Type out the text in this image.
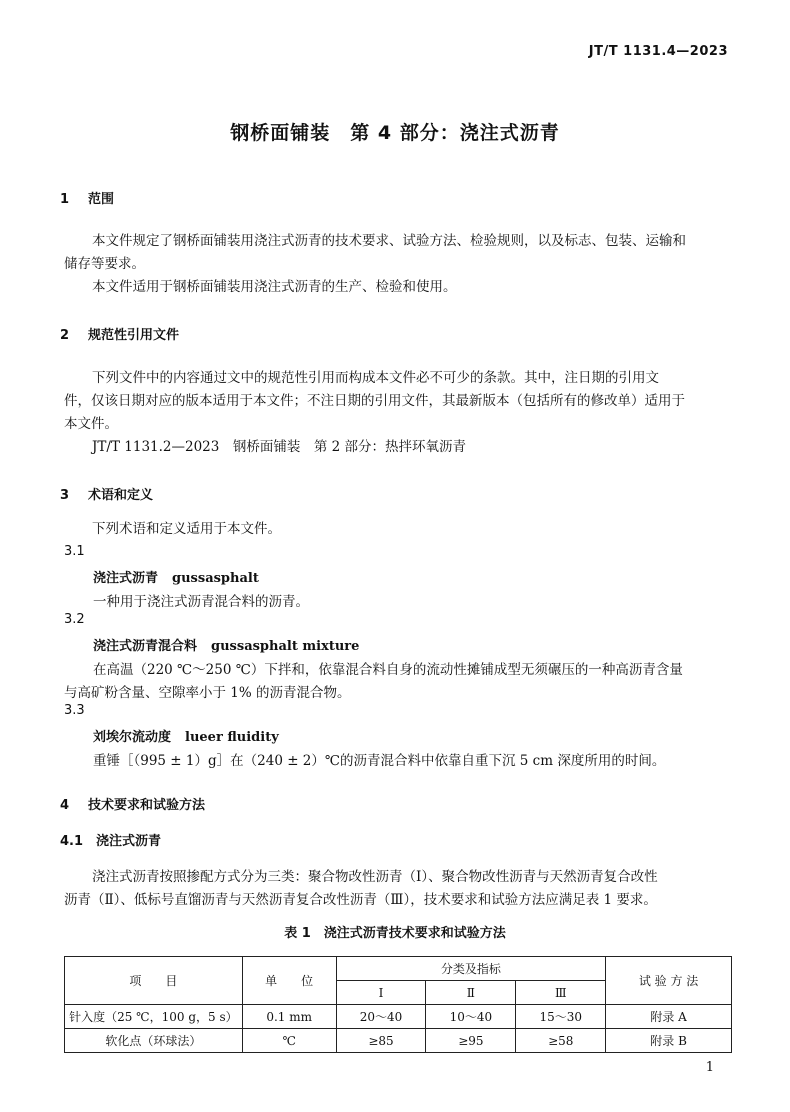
JT/T 1131.4—2023
钢桥面铺装　第 4 部分：浇注式沥青
1 范围
本文件规定了钢桥面铺装用浇注式沥青的技术要求、试验方法、检验规则，以及标志、包装、运输和
储存等要求。
本文件适用于钢桥面铺装用浇注式沥青的生产、检验和使用。
2 规范性引用文件
下列文件中的内容通过文中的规范性引用而构成本文件必不可少的条款。其中，注日期的引用文
件，仅该日期对应的版本适用于本文件；不注日期的引用文件，其最新版本（包括所有的修改单）适用于
本文件。
JT/T 1131.2—2023　钢桥面铺装　第 2 部分：热拌环氧沥青
3 术语和定义
下列术语和定义适用于本文件。
3.1
浇注式沥青 gussasphalt
一种用于浇注式沥青混合料的沥青。
3.2
浇注式沥青混合料 gussasphalt mixture
在高温（220 ℃～250 ℃）下拌和，依靠混合料自身的流动性摊铺成型无须碾压的一种高沥青含量
与高矿粉含量、空隙率小于 1% 的沥青混合物。
3.3
刘埃尔流动度 lueer fluidity
重锤［（995 ± 1）g］在（240 ± 2）℃的沥青混合料中依靠自重下沉 5 cm 深度所用的时间。
4 技术要求和试验方法
4.1 浇注式沥青
浇注式沥青按照掺配方式分为三类：聚合物改性沥青（Ⅰ）、聚合物改性沥青与天然沥青复合改性
沥青（Ⅱ）、低标号直馏沥青与天然沥青复合改性沥青（Ⅲ），技术要求和试验方法应满足表 1 要求。
表 1　浇注式沥青技术要求和试验方法
项　　目	单　　位	分类及指标			试 验 方 法
		Ⅰ	Ⅱ	Ⅲ	
针入度（25 ℃，100 g，5 s）	0.1 mm	20～40	10～40	15～30	附录 A
软化点（环球法）	℃	≥85	≥95	≥58	附录 B
1
